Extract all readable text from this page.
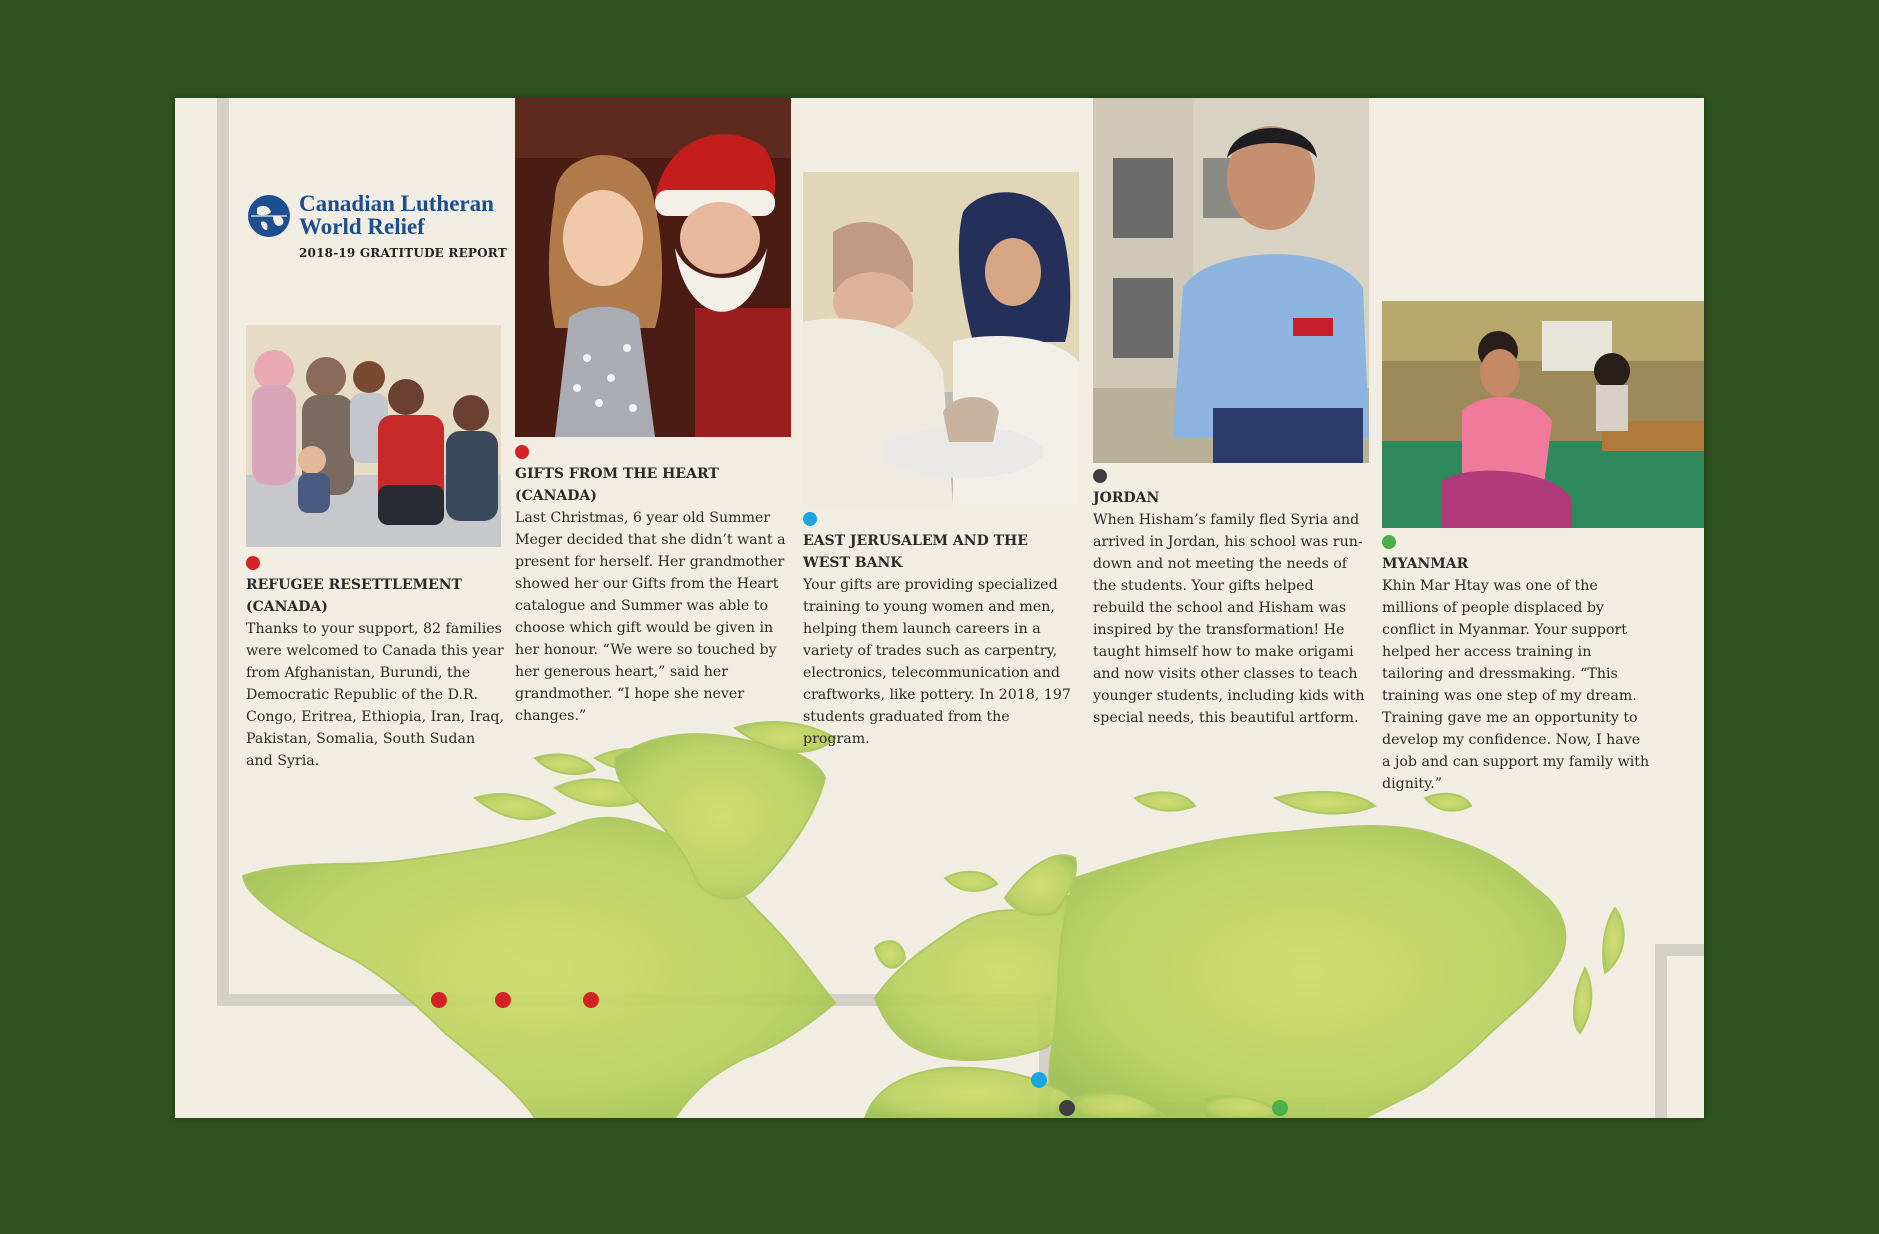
Canadian Lutheran
World Relief
2018-19 GRATITUDE REPORT
REFUGEE RESETTLEMENT (CANADA)

Thanks to your support, 82 families were welcomed to Canada this year from Afghanistan, Burundi, the Democratic Republic of the D.R. Congo, Eritrea, Ethiopia, Iran, Iraq, Pakistan, Somalia, South Sudan and Syria.

GIFTS FROM THE HEART (CANADA)

Last Christmas, 6 year old Summer Meger decided that she didn’t want a present for herself. Her grandmother showed her our Gifts from the Heart catalogue and Summer was able to choose which gift would be given in her honour. “We were so touched by her generous heart,” said her grandmother. “I hope she never changes.”

EAST JERUSALEM AND THE WEST BANK

Your gifts are providing specialized training to young women and men, helping them launch careers in a variety of trades such as carpentry, electronics, telecommunication and craftworks, like pottery. In 2018, 197 students graduated from the program.

JORDAN

When Hisham’s family fled Syria and arrived in Jordan, his school was run-down and not meeting the needs of the students. Your gifts helped rebuild the school and Hisham was inspired by the transformation! He taught himself how to make origami and now visits other classes to teach younger students, including kids with special needs, this beautiful artform.

MYANMAR

Khin Mar Htay was one of the millions of people displaced by conflict in Myanmar. Your support helped her access training in tailoring and dressmaking. “This training was one step of my dream. Training gave me an opportunity to develop my confidence. Now, I have a job and can support my family with dignity.”
